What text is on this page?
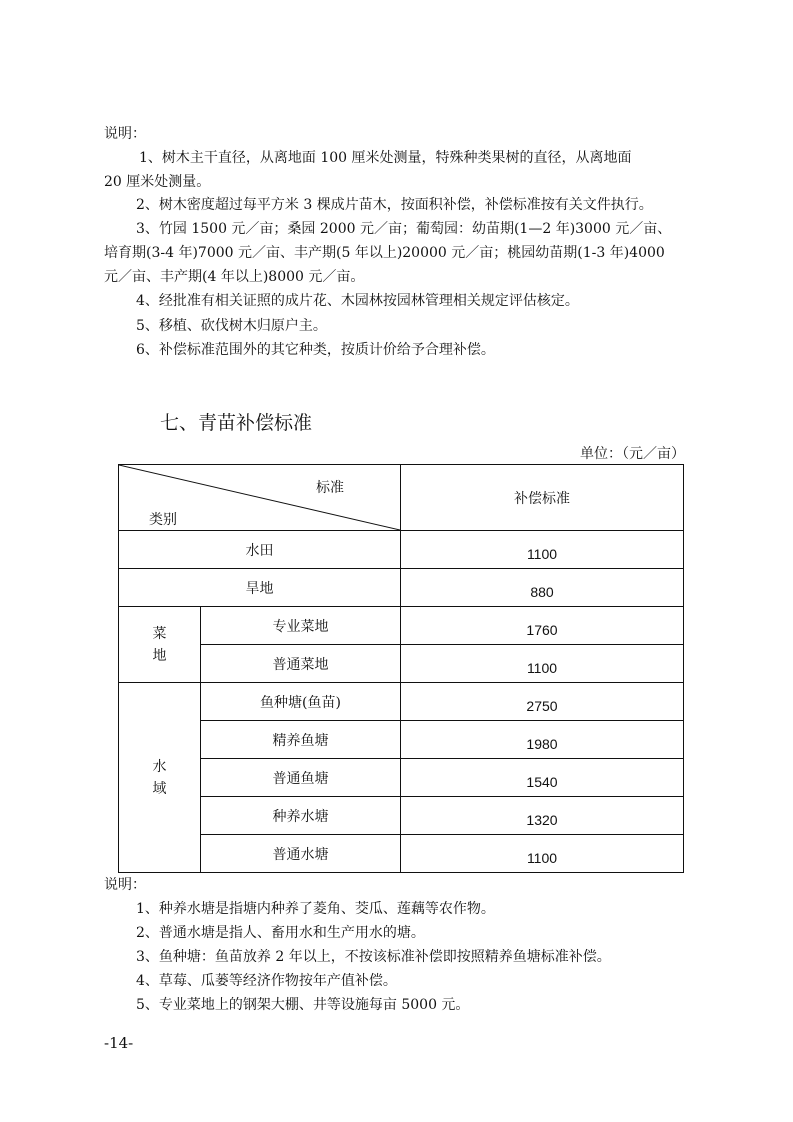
说明：
1、树木主干直径，从离地面 100 厘米处测量，特殊种类果树的直径，从离地面
20 厘米处测量。
2、树木密度超过每平方米 3 棵成片苗木，按面积补偿，补偿标准按有关文件执行。
3、竹园 1500 元／亩；桑园 2000 元／亩；葡萄园：幼苗期(1—2 年)3000 元／亩、
培育期(3-4 年)7000 元／亩、丰产期(5 年以上)20000 元／亩；桃园幼苗期(1-3 年)4000
元／亩、丰产期(4 年以上)8000 元／亩。
4、经批准有相关证照的成片花、木园林按园林管理相关规定评估核定。
5、移植、砍伐树木归原户主。
6、补偿标准范围外的其它种类，按质计价给予合理补偿。
七、青苗补偿标准
单位：（元／亩）
标准
类别		补偿标准
水田		1100
旱地		880
菜
地	专业菜地	1760
	普通菜地	1100
水
域	鱼种塘(鱼苗)	2750
	精养鱼塘	1980
	普通鱼塘	1540
	种养水塘	1320
	普通水塘	1100
说明：
1、种养水塘是指塘内种养了菱角、茭瓜、莲藕等农作物。
2、普通水塘是指人、畜用水和生产用水的塘。
3、鱼种塘：鱼苗放养 2 年以上，不按该标准补偿即按照精养鱼塘标准补偿。
4、草莓、瓜蒌等经济作物按年产值补偿。
5、专业菜地上的钢架大棚、井等设施每亩 5000 元。
-14-
